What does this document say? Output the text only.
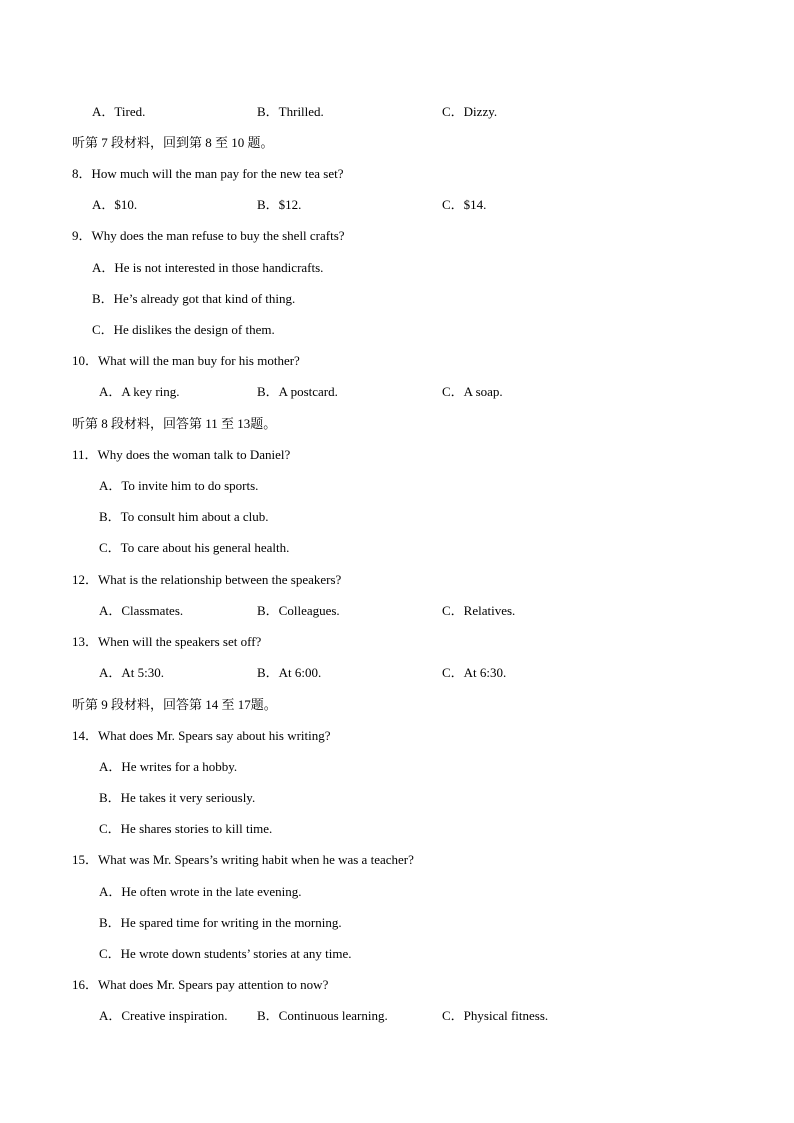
A．Tired.	B．Thrilled.	C．Dizzy.
听第 7 段材料，回到第 8 至 10 题。
8．How much will the man pay for the new tea set?
A．$10.	B．$12.	C．$14.
9．Why does the man refuse to buy the shell crafts?
A．He is not interested in those handicrafts.
B．He’s already got that kind of thing.
C．He dislikes the design of them.
10．What will the man buy for his mother?
A．A key ring.	B．A postcard.	C．A soap.
听第 8 段材料，回答第 11 至 13题。
11．Why does the woman talk to Daniel?
A．To invite him to do sports.
B．To consult him about a club.
C．To care about his general health.
12．What is the relationship between the speakers?
A．Classmates.	B．Colleagues.	C．Relatives.
13．When will the speakers set off?
A．At 5:30.	B．At 6:00.	C．At 6:30.
听第 9 段材料，回答第 14 至 17题。
14．What does Mr. Spears say about his writing?
A．He writes for a hobby.
B．He takes it very seriously.
C．He shares stories to kill time.
15．What was Mr. Spears’s writing habit when he was a teacher?
A．He often wrote in the late evening.
B．He spared time for writing in the morning.
C．He wrote down students’ stories at any time.
16．What does Mr. Spears pay attention to now?
A．Creative inspiration. B．Continuous learning.	C．Physical fitness.
